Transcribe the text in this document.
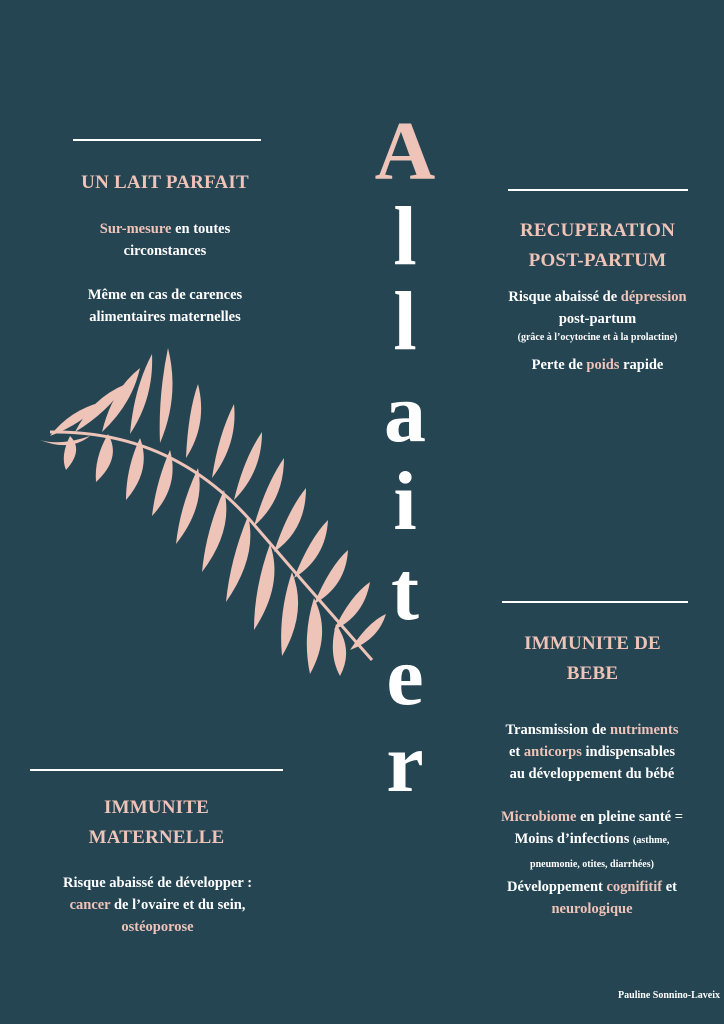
A
l
l
a
i
t
e
r
UN LAIT PARFAIT
Sur-mesure en toutes
circonstances
Même en cas de carences
alimentaires maternelles
RECUPERATION
POST-PARTUM
Risque abaissé de dépression
post-partum
(grâce à l’ocytocine et à la prolactine)
Perte de poids rapide
IMMUNITE DE
BEBE
Transmission de nutriments
et anticorps indispensables
au développement du bébé
Microbiome en pleine santé =
Moins d’infections (asthme,
pneumonie, otites, diarrhées)
Développement cognifitif et
neurologique
IMMUNITE
MATERNELLE
Risque abaissé de développer :
cancer de l’ovaire et du sein,
ostéoporose
Pauline Sonnino-Laveix
